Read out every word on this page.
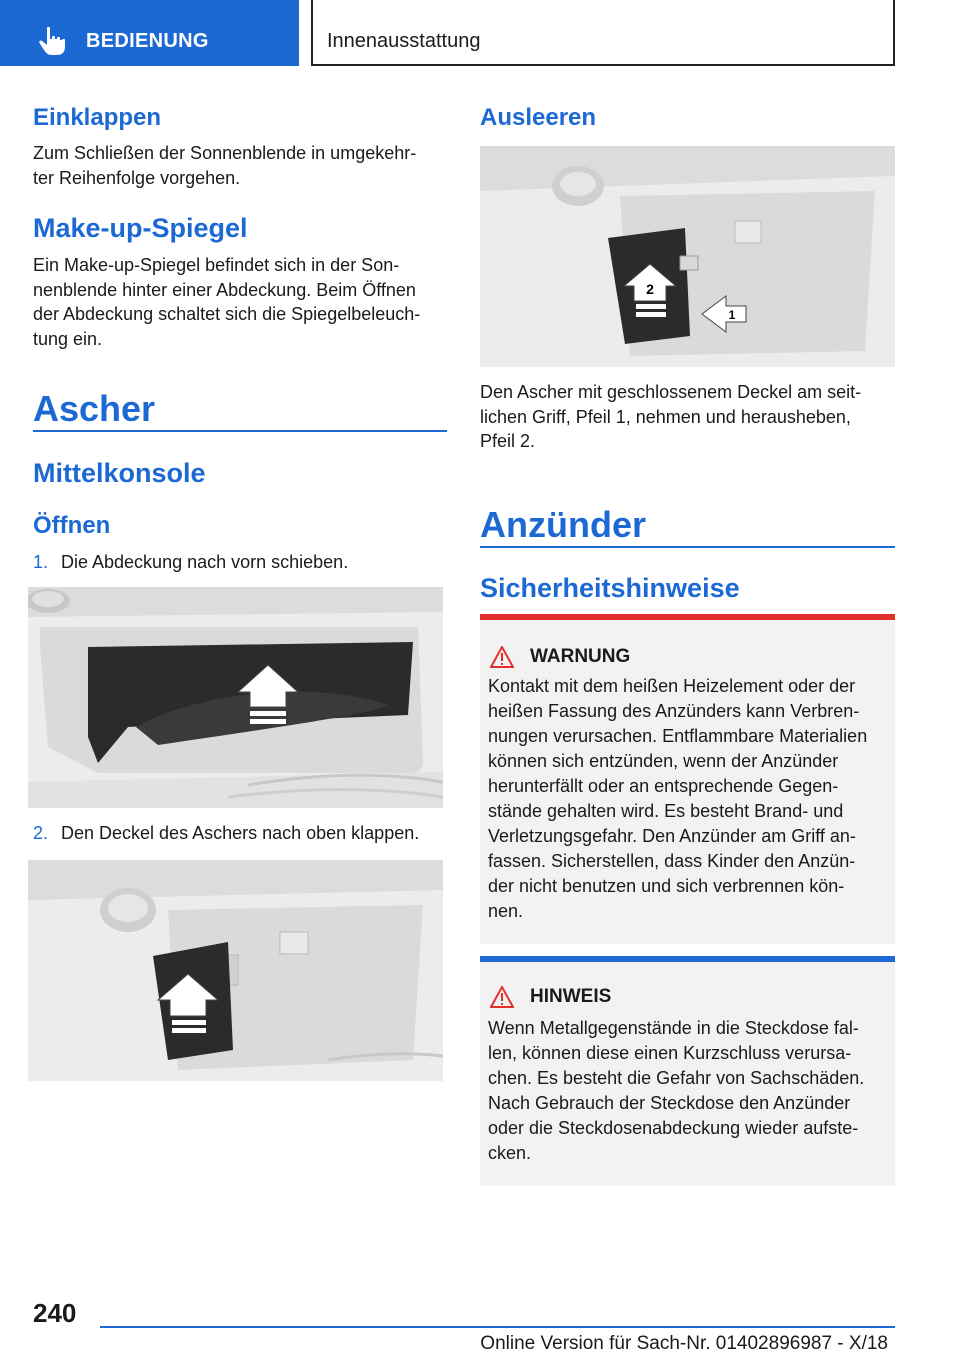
BEDIENUNG	Innenausstattung
Einklappen
Zum Schließen der Sonnenblende in umgekehr-
ter Reihenfolge vorgehen.
Make-up-Spiegel
Ein Make-up-Spiegel befindet sich in der Son-
nenblende hinter einer Abdeckung. Beim Öffnen
der Abdeckung schaltet sich die Spiegelbeleuch-
tung ein.
Ascher
Mittelkonsole
Öffnen
1. Die Abdeckung nach vorn schieben.
2. Den Deckel des Aschers nach oben klappen.
Ausleeren
2
1
Den Ascher mit geschlossenem Deckel am seit-
lichen Griff, Pfeil 1, nehmen und herausheben,
Pfeil 2.
Anzünder
Sicherheitshinweise
WARNUNG
Kontakt mit dem heißen Heizelement oder der
heißen Fassung des Anzünders kann Verbren-
nungen verursachen. Entflammbare Materialien
können sich entzünden, wenn der Anzünder
herunterfällt oder an entsprechende Gegen-
stände gehalten wird. Es besteht Brand- und
Verletzungsgefahr. Den Anzünder am Griff an-
fassen. Sicherstellen, dass Kinder den Anzün-
der nicht benutzen und sich verbrennen kön-
nen.
HINWEIS
Wenn Metallgegenstände in die Steckdose fal-
len, können diese einen Kurzschluss verursa-
chen. Es besteht die Gefahr von Sachschäden.
Nach Gebrauch der Steckdose den Anzünder
oder die Steckdosenabdeckung wieder aufste-
cken.
240
Online Version für Sach-Nr. 01402896987 - X/18
